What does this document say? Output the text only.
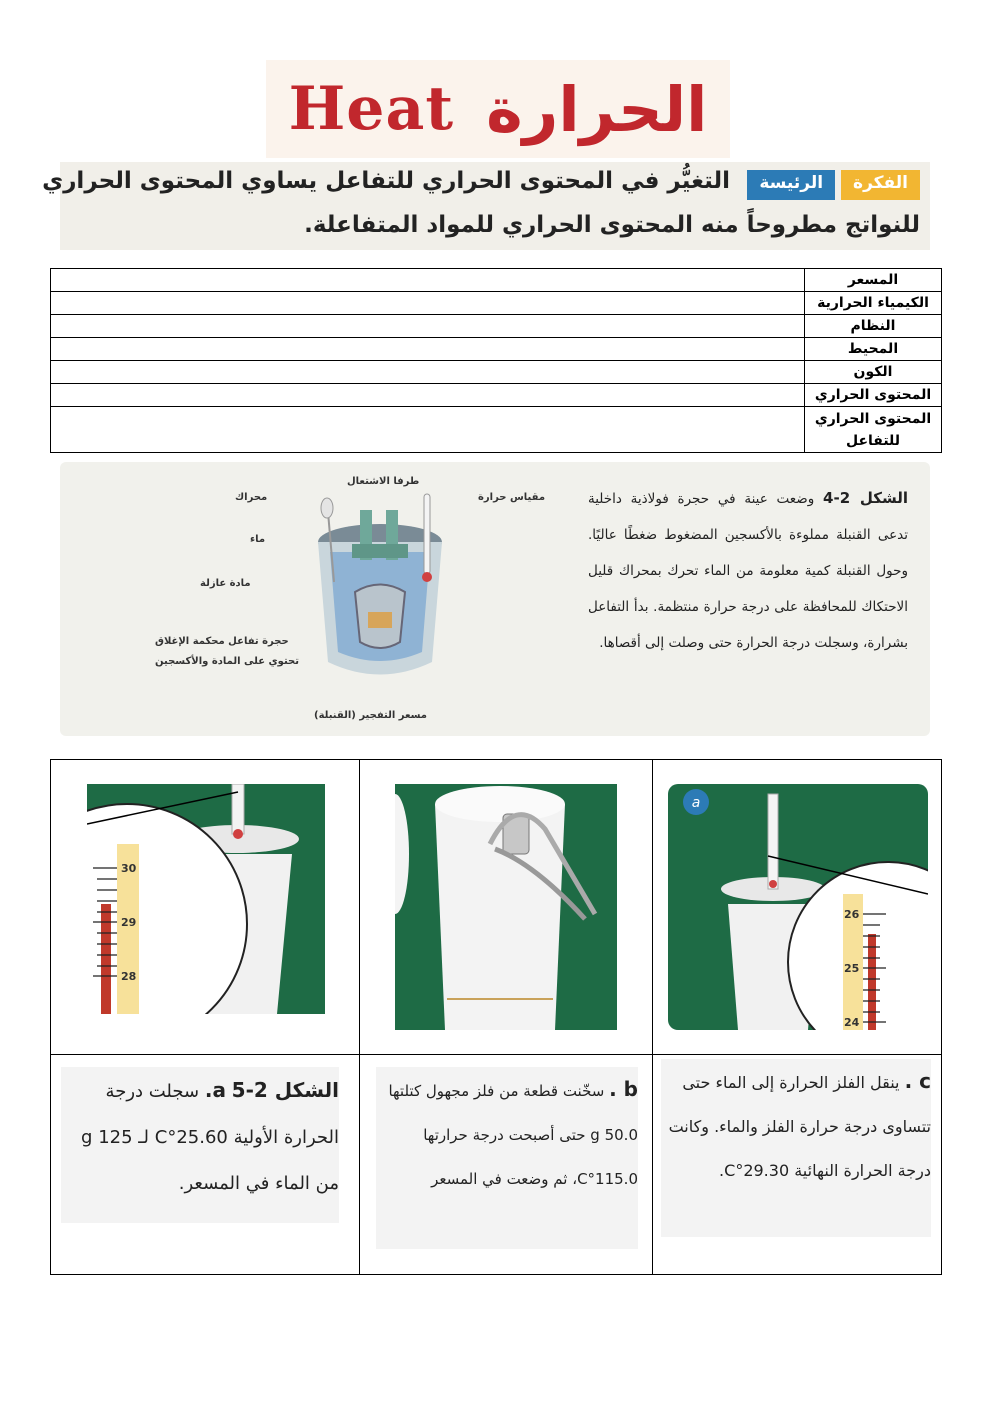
Heat الحرارة
الفكرة
الرئيسة
التغيُّر في المحتوى الحراري للتفاعل يساوي المحتوى الحراري
للنواتج مطروحاً منه المحتوى الحراري للمواد المتفاعلة.
	المسعر
	الكيمياء الحرارية
	النظام
	المحيط
	الكون
	المحتوى الحراري
	المحتوى الحراري للتفاعل
الشكل 2-4 وضعت عينة في حجرة فولاذية داخلية تدعى القنبلة مملوءة بالأكسجين المضغوط ضغطًا عاليًا. وحول القنبلة كمية معلومة من الماء تحرك بمحراك قليل الاحتكاك للمحافظة على درجة حرارة منتظمة. بدأ التفاعل بشرارة، وسجلت درجة الحرارة حتى وصلت إلى أقصاها.
طرفا الاشتعال
مقياس حرارة
محراك
ماء
مادة عازلة
حجرة تفاعل محكمة الإغلاق
تحتوي على المادة والأكسجين
مسعر التفجير (القنبلة)
30
29
28		a
26
25
24

الشكل 2-5 a. سجلت درجة الحرارة الأولية 25.60°C لـ 125 g من الماء في المسعر.	b . سخّنت قطعة من فلز مجهول كتلتها 50.0 g حتى أصبحت درجة حرارتها 115.0°C، ثم وضعت في المسعر	c . ينقل الفلز الحرارة إلى الماء حتى تتساوى درجة حرارة الفلز والماء. وكانت درجة الحرارة النهائية 29.30°C.
